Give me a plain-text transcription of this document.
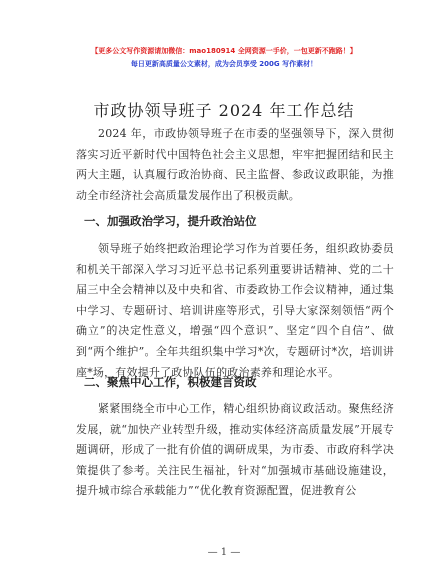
【更多公文写作资源请加微信：mao180914 全网资源一手价，一包更新不跑路！】
每日更新高质量公文素材，成为会员享受 200G 写作素材！
市政协领导班子 2024 年工作总结
2024 年，市政协领导班子在市委的坚强领导下，深入贯彻落实习近平新时代中国特色社会主义思想，牢牢把握团结和民主两大主题，认真履行政治协商、民主监督、参政议政职能，为推动全市经济社会高质量发展作出了积极贡献。
一、加强政治学习，提升政治站位
领导班子始终把政治理论学习作为首要任务，组织政协委员和机关干部深入学习习近平总书记系列重要讲话精神、党的二十届三中全会精神以及中央和省、市委政协工作会议精神，通过集中学习、专题研讨、培训讲座等形式，引导大家深刻领悟“两个确立”的决定性意义，增强“四个意识”、坚定“四个自信”、做到“两个维护”。全年共组织集中学习*次，专题研讨*次，培训讲座*场，有效提升了政协队伍的政治素养和理论水平。
二、聚焦中心工作，积极建言资政
紧紧围绕全市中心工作，精心组织协商议政活动。聚焦经济发展，就“加快产业转型升级，推动实体经济高质量发展”开展专题调研，形成了一批有价值的调研成果，为市委、市政府科学决策提供了参考。关注民生福祉，针对“加强城市基础设施建设，提升城市综合承载能力”“优化教育资源配置，促进教育公
— 1 —
